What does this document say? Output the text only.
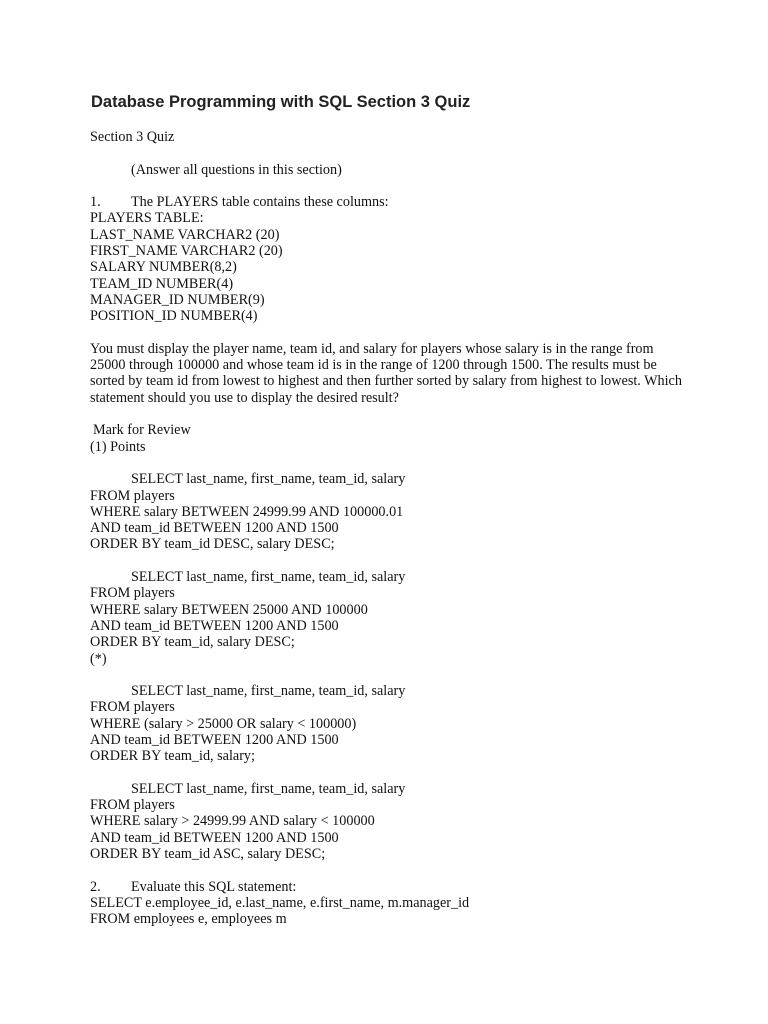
Database Programming with SQL Section 3 Quiz
Section 3 Quiz
(Answer all questions in this section)
1. The PLAYERS table contains these columns:
PLAYERS TABLE:
LAST_NAME VARCHAR2 (20)
FIRST_NAME VARCHAR2 (20)
SALARY NUMBER(8,2)
TEAM_ID NUMBER(4)
MANAGER_ID NUMBER(9)
POSITION_ID NUMBER(4)
You must display the player name, team id, and salary for players whose salary is in the range from
25000 through 100000 and whose team id is in the range of 1200 through 1500. The results must be
sorted by team id from lowest to highest and then further sorted by salary from highest to lowest. Which
statement should you use to display the desired result?
Mark for Review
(1) Points
SELECT last_name, first_name, team_id, salary
FROM players
WHERE salary BETWEEN 24999.99 AND 100000.01
AND team_id BETWEEN 1200 AND 1500
ORDER BY team_id DESC, salary DESC;
SELECT last_name, first_name, team_id, salary
FROM players
WHERE salary BETWEEN 25000 AND 100000
AND team_id BETWEEN 1200 AND 1500
ORDER BY team_id, salary DESC;
(*)
SELECT last_name, first_name, team_id, salary
FROM players
WHERE (salary > 25000 OR salary < 100000)
AND team_id BETWEEN 1200 AND 1500
ORDER BY team_id, salary;
SELECT last_name, first_name, team_id, salary
FROM players
WHERE salary > 24999.99 AND salary < 100000
AND team_id BETWEEN 1200 AND 1500
ORDER BY team_id ASC, salary DESC;
2. Evaluate this SQL statement:
SELECT e.employee_id, e.last_name, e.first_name, m.manager_id
FROM employees e, employees m
